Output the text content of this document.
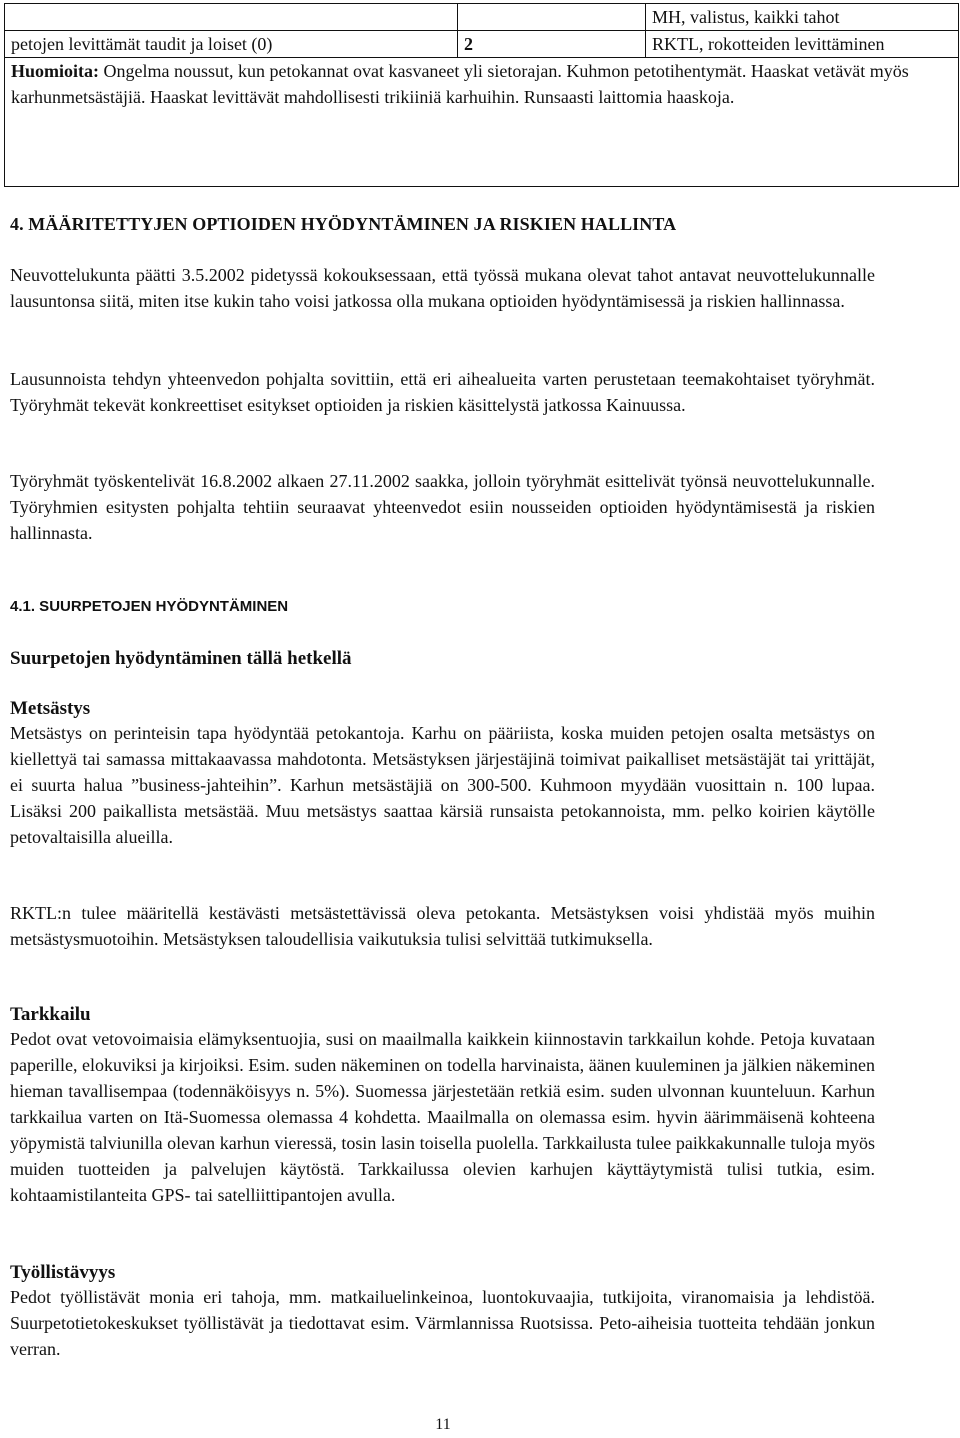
		MH, valistus, kaikki tahot
petojen levittämät taudit ja loiset (0)	2	RKTL, rokotteiden levittäminen
Huomioita: Ongelma noussut, kun petokannat ovat kasvaneet yli sietorajan. Kuhmon petotihentymät. Haaskat vetävät myös karhunmetsästäjiä. Haaskat levittävät mahdollisesti trikiiniä karhuihin. Runsaasti laittomia haaskoja.		
4. MÄÄRITETTYJEN OPTIOIDEN HYÖDYNTÄMINEN JA RISKIEN HALLINTA
Neuvottelukunta päätti 3.5.2002 pidetyssä kokouksessaan, että työssä mukana olevat tahot antavat neuvottelukunnalle lausuntonsa siitä, miten itse kukin taho voisi jatkossa olla mukana optioiden hyödyntämisessä ja riskien hallinnassa.
Lausunnoista tehdyn yhteenvedon pohjalta sovittiin, että eri aihealueita varten perustetaan teemakohtaiset työryhmät. Työryhmät tekevät konkreettiset esitykset optioiden ja riskien käsittelystä jatkossa Kainuussa.
Työryhmät työskentelivät 16.8.2002 alkaen 27.11.2002 saakka, jolloin työryhmät esittelivät työnsä neuvottelukunnalle. Työryhmien esitysten pohjalta tehtiin seuraavat yhteenvedot esiin nousseiden optioiden hyödyntämisestä ja riskien hallinnasta.
4.1. SUURPETOJEN HYÖDYNTÄMINEN
Suurpetojen hyödyntäminen tällä hetkellä
Metsästys
Metsästys on perinteisin tapa hyödyntää petokantoja. Karhu on pääriista, koska muiden petojen osalta metsästys on kiellettyä tai samassa mittakaavassa mahdotonta. Metsästyksen järjestäjinä toimivat paikalliset metsästäjät tai yrittäjät, ei suurta halua ”business-jahteihin”. Karhun metsästäjiä on 300-500. Kuhmoon myydään vuosittain n. 100 lupaa. Lisäksi 200 paikallista metsästää. Muu metsästys saattaa kärsiä runsaista petokannoista, mm. pelko koirien käytölle petovaltaisilla alueilla.
RKTL:n tulee määritellä kestävästi metsästettävissä oleva petokanta. Metsästyksen voisi yhdistää myös muihin metsästysmuotoihin. Metsästyksen taloudellisia vaikutuksia tulisi selvittää tutkimuksella.
Tarkkailu
Pedot ovat vetovoimaisia elämyksentuojia, susi on maailmalla kaikkein kiinnostavin tarkkailun kohde. Petoja kuvataan paperille, elokuviksi ja kirjoiksi. Esim. suden näkeminen on todella harvinaista, äänen kuuleminen ja jälkien näkeminen hieman tavallisempaa (todennäköisyys n. 5%). Suomessa järjestetään retkiä esim. suden ulvonnan kuunteluun. Karhun tarkkailua varten on Itä-Suomessa olemassa 4 kohdetta. Maailmalla on olemassa esim. hyvin äärimmäisenä kohteena yöpymistä talviunilla olevan karhun vieressä, tosin lasin toisella puolella. Tarkkailusta tulee paikkakunnalle tuloja myös muiden tuotteiden ja palvelujen käytöstä. Tarkkailussa olevien karhujen käyttäytymistä tulisi tutkia, esim. kohtaamistilanteita GPS- tai satelliittipantojen avulla.
Työllistävyys
Pedot työllistävät monia eri tahoja, mm. matkailuelinkeinoa, luontokuvaajia, tutkijoita, viranomaisia ja lehdistöä. Suurpetotietokeskukset työllistävät ja tiedottavat esim. Värmlannissa Ruotsissa. Peto-aiheisia tuotteita tehdään jonkun verran.
11
